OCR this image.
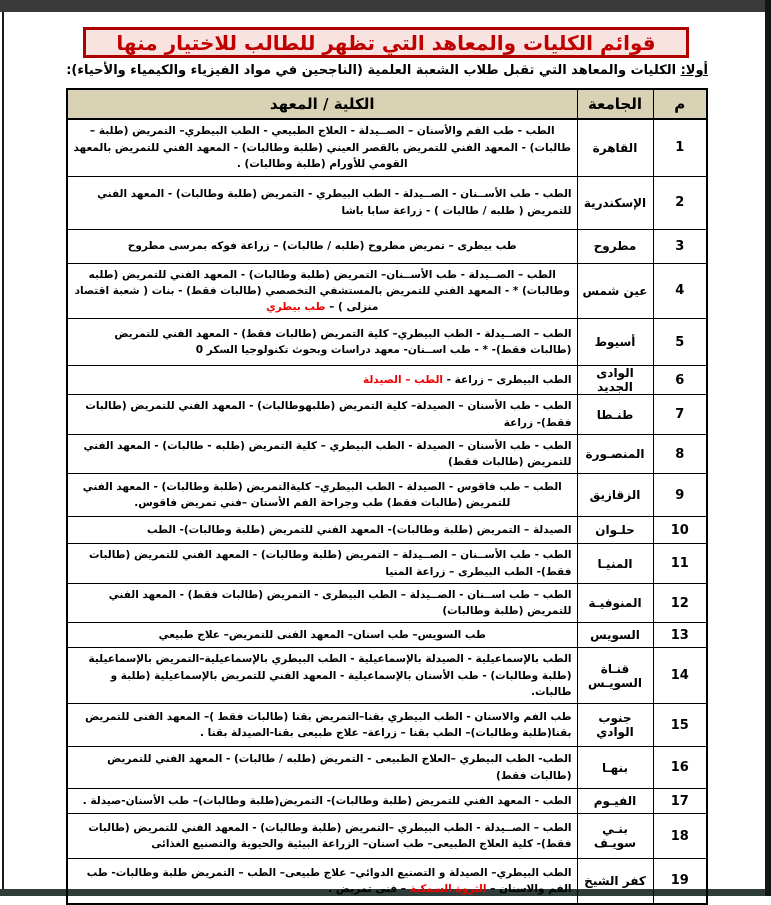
قوائم الكليات والمعاهد التي تظهر للطالب للاختيار منها
أولا: الكليات والمعاهد التي تقبل طلاب الشعبة العلمية (الناجحين في مواد الفيزياء والكيمياء والأحياء):
م	الجامعة	الكلية / المعهد
1	القاهرة	الطب - طب الفم والأسنان – الصــيدلة - العلاج الطبيعي - الطب البيطري– التمريض (طلبة – طالبات) - المعهد الفني للتمريض بالقصر العيني (طلبة وطالبات) - المعهد الفني للتمريض بالمعهد القومي للأورام (طلبة وطالبات) .
2	الإسكندرية	الطب - طب الأســنان - الصــيدلة - الطب البيطري - التمريض (طلبة وطالبات) - المعهد الفني للتمريض ( طلبه / طالبات ) - زراعة سابا باشا
3	مطروح	طب بيطرى – تمريض مطروح (طلبه / طالبات) – زراعة فوكه بمرسى مطروح
4	عين شمس	الطب – الصــيدلة - طب الأســنان– التمريض (طلبة وطالبات) - المعهد الفني للتمريض (طلبه وطالبات) * - المعهد الفني للتمريض بالمستشفي التخصصي (طالبات فقط) - بنات ( شعبة اقتصاد منزلى ) – طب بيطري
5	أسيوط	الطب – الصــيدلة - الطب البيطري– كلية التمريض (طالبات فقط) - المعهد الفني للتمريض (طالبات فقط)- * - طب اســنان- معهد دراسات وبحوث تكنولوجيا السكر 0
6	الوادى الجديد	الطب البيطرى – زراعة - الطب – الصيدلة
7	طنـطا	الطب - طب الأسنان – الصيدلة– كلية التمريض (طلبهوطالبات) - المعهد الفني للتمريض (طالبات فقط)- زراعة
8	المنصـورة	الطب - طب الأسنان – الصيدلة - الطب البيطري – كلية التمريض (طلبه - طالبات) - المعهد الفني للتمريض (طالبات فقط)
9	الزقازيق	الطب – طب فاقوس - الصيدلة - الطب البيطري– كليةالتمريض (طلبة وطالبات) - المعهد الفني للتمريض (طالبات فقط) طب وجراحة الفم الأسنان –فني تمريض فاقوس.
10	حلـوان	الصيدلة – التمريض (طلبة وطالبات)- المعهد الفني للتمريض (طلبة وطالبات)- الطب
11	المنيـا	الطب - طب الأســنان – الصــيدلة – التمريض (طلبة وطالبات) - المعهد الفني للتمريض (طالبات فقط)- الطب البيطرى – زراعة المنيا
12	المنوفيـة	الطب – طب اســنان - الصــيدلة – الطب البيطرى - التمريض (طالبات فقط) - المعهد الفني للتمريض (طلبة وطالبات)
13	السويس	طب السويس– طب اسنان– المعهد الفنى للتمريض– علاج طبيعي
14	قنـاة السويـس	الطب بالإسماعيلية - الصيدلة بالإسماعيلية - الطب البيطري بالإسماعيلية–التمريض بالإسماعيلية (طلبة وطالبات) - طب الأسنان بالإسماعيلية - المعهد الفني للتمريض بالإسماعيلية (طلبة و طالبات.
15	جنوب الوادي	طب الفم والاسنان - الطب البيطري بقنا–التمريض بقنا (طالبات فقط )– المعهد الفنى للتمريض بقنا(طلبة وطالبات)– الطب بقنا – زراعة– علاج طبيعى بقنا-الصيدلة بقنا .
16	بنهـا	الطب- الطب البيطري –العلاج الطبيعى - التمريض (طلبه / طالبات) - المعهد الفني للتمريض (طالبات فقط)
17	الفيـوم	الطب - المعهد الفني للتمريض (طلبة وطالبات)- التمريض(طلبة وطالبات)– طب الأسنان-صيدلة .
18	بنـي سويـف	الطب – الصــيدلة - الطب البيطري –التمريض (طلبة وطالبات) - المعهد الفني للتمريض (طالبات فقط)- كلية العلاج الطبيعى– طب اسنان– الزراعة البيئية والحيوية والتصنيع الغذائى
19	كفر الشيخ	الطب البيطري– الصيدلة و التصنيع الدوائي– علاج طبيعى– الطب – التمريض طلبة وطالبات- طب الفم والاسنان – الثروة السمكية – فنى تمريض .
